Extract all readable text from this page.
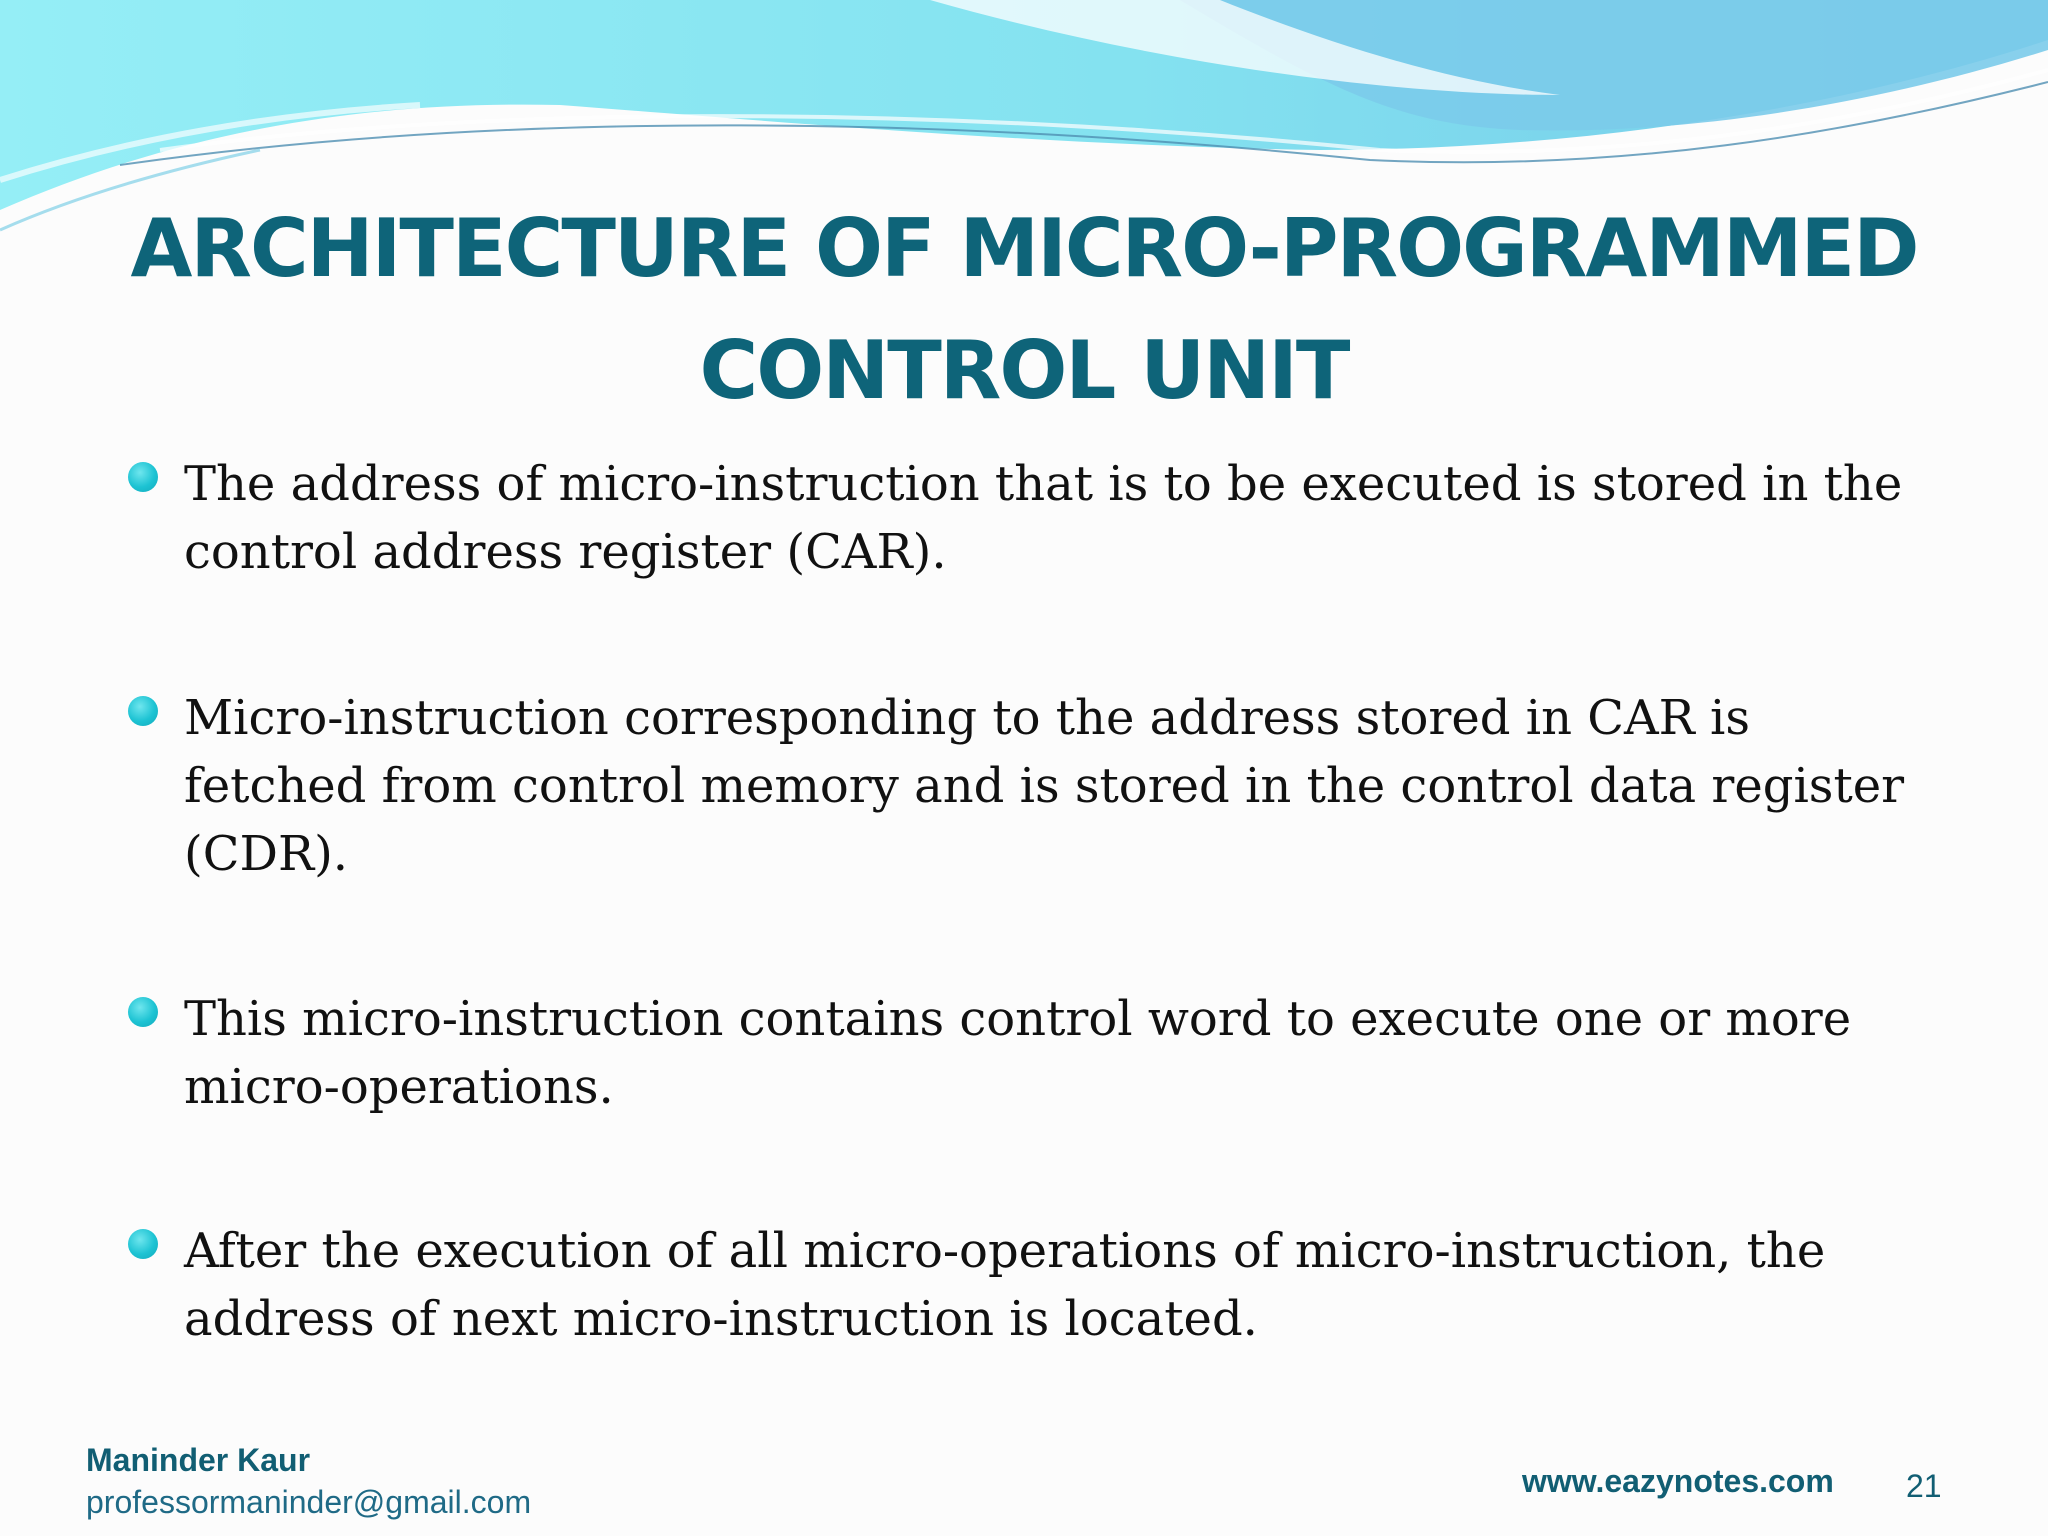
ARCHITECTURE OF MICRO-PROGRAMMED
CONTROL UNIT
The address of micro-instruction that is to be executed is stored in the
control address register (CAR).
Micro-instruction corresponding to the address stored in CAR is
fetched from control memory and is stored in the control data register
(CDR).
This micro-instruction contains control word to execute one or more
micro-operations.
After the execution of all micro-operations of micro-instruction, the
address of next micro-instruction is located.
Maninder Kaur
professormaninder@gmail.com
www.eazynotes.com 21
